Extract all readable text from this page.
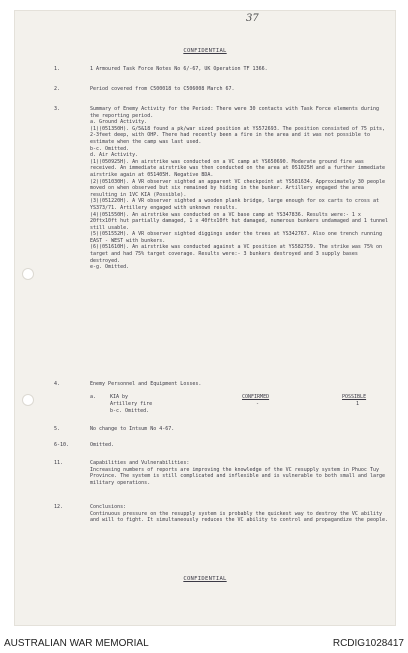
37
CONFIDENTIAL
1.	1 Armoured Task Force Notes No 6/-67, UK Operation TF 1366.

2.	Period covered from C500018 to C506008 March 67.

3.	Summary of Enemy Activity for the Period: There were 30 contacts with Task Force elements during the reporting period.

a. Ground Activity.

(1)(051350H). G/5&18 found a pk/war sized position at YS572693. The position consisted of 75 pits, 2-3feet deep, with OHP. There had recently been a fire in the area and it was not possible to estimate when the camp was last used.

b-c. Omitted.

d. Air Activity.

(1)(050925H). An airstrike was conducted on a VC camp at YS650690. Moderate ground fire was received. An immediate airstrike was then conducted on the area at 051025H and a further immediate airstrike again at 051405H. Negative BDA.

(2)(051030H). A VR observer sighted an apparent VC checkpoint at YS581634. Approximately 30 people moved on when observed but six remained by hiding in the bunker. Artillery engaged the area resulting in 1VC KIA (Possible).

(3)(051220H). A VR observer sighted a wooden plank bridge, large enough for ox carts to cross at YS373/71. Artillery engaged with unknown results.

(4)(051550H). An airstrike was conducted on a VC base camp at YS347836. Results were:- 1 x 20ftx10ft hut partially damaged, 1 x 40ftx10ft hut damaged, numerous bunkers undamaged and 1 tunnel still usable.

(5)(051552H). A VR observer sighted diggings under the trees at YS342767. Also one trench running EAST - WEST with bunkers.

(6)(051610H). An airstrike was conducted against a VC position at YS582759. The strike was 75% on target and had 75% target coverage. Results were:- 3 bunkers destroyed and 3 supply bases destroyed.

e-g. Omitted.

4.	Enemy Personnel and Equipment Losses.

a.	KIA by	CONFIRMED	POSSIBLE
Artillery fire	-	1

b-c. Omitted.

5.	No change to Intsum No 4-67.

6-10.	Omitted.

11.	Capabilities and Vulnerabilities:

Increasing numbers of reports are improving the knowledge of the VC resupply system in Phuoc Tuy Province. The system is still complicated and inflexible and is vulnerable to both small and large military operations.

12.	Conclusions:

Continuous pressure on the resupply system is probably the quickest way to destroy the VC ability and will to fight. It simultaneously reduces the VC ability to control and propagandize the people.

CONFIDENTIAL
AUSTRALIAN WAR MEMORIAL	RCDIG1028417
